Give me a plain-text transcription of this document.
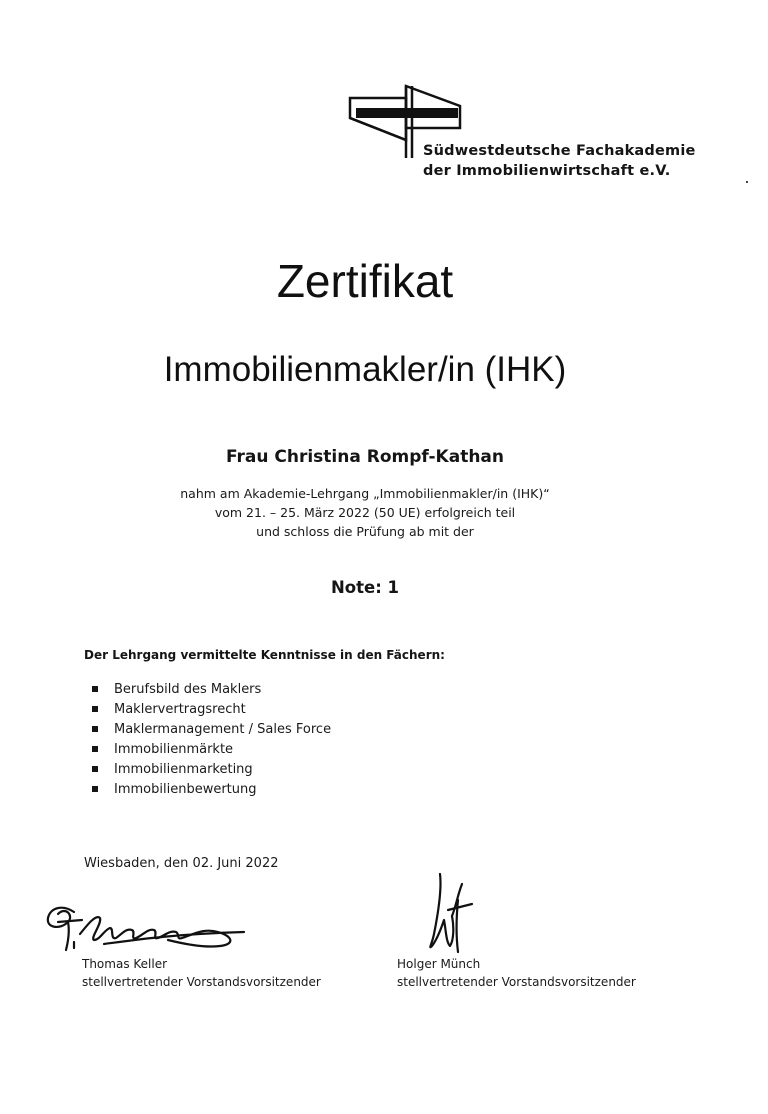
Südwestdeutsche Fachakademie
der Immobilienwirtschaft e.V.
Zertifikat
Immobilienmakler/in (IHK)
Frau Christina Rompf-Kathan
nahm am Akademie-Lehrgang „Immobilienmakler/in (IHK)“
vom 21. – 25. März 2022 (50 UE) erfolgreich teil
und schloss die Prüfung ab mit der
Note: 1
Der Lehrgang vermittelte Kenntnisse in den Fächern:
Berufsbild des Maklers
Maklervertragsrecht
Maklermanagement / Sales Force
Immobilienmärkte
Immobilienmarketing
Immobilienbewertung
Wiesbaden, den 02. Juni 2022
Thomas Keller
stellvertretender Vorstandsvorsitzender
Holger Münch
stellvertretender Vorstandsvorsitzender
